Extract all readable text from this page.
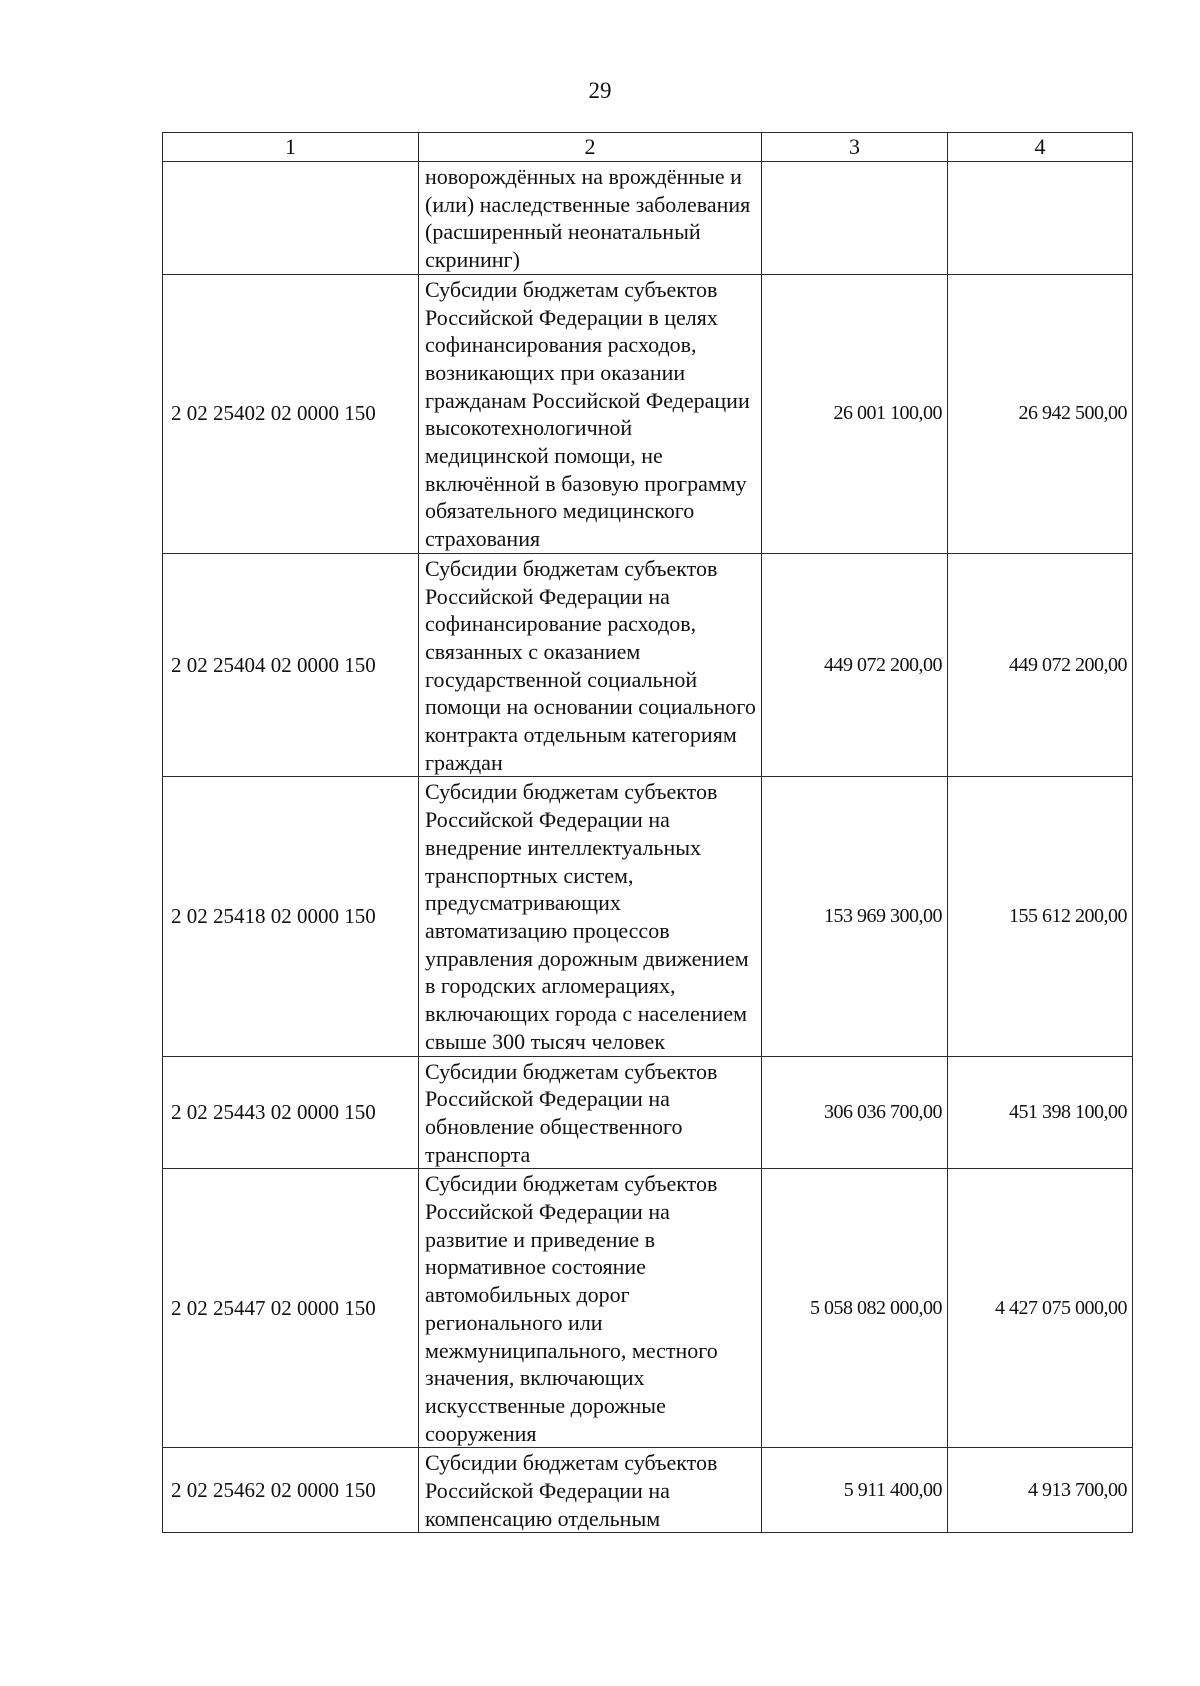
29
1	2	3	4
	новорождённых на врождённые и (или) наследственные заболевания (расширенный неонатальный скрининг)		
2 02 25402 02 0000 150	Субсидии бюджетам субъектов Российской Федерации в целях софинансирования расходов, возникающих при оказании гражданам Российской Федерации высокотехнологичной медицинской помощи, не включённой в базовую программу обязательного медицинского страхования	26 001 100,00	26 942 500,00
2 02 25404 02 0000 150	Субсидии бюджетам субъектов Российской Федерации на софинансирование расходов, связанных с оказанием государственной социальной помощи на основании социального контракта отдельным категориям граждан	449 072 200,00	449 072 200,00
2 02 25418 02 0000 150	Субсидии бюджетам субъектов Российской Федерации на внедрение интеллектуальных транспортных систем, предусматривающих автоматизацию процессов управления дорожным движением в городских агломерациях, включающих города с населением свыше 300 тысяч человек	153 969 300,00	155 612 200,00
2 02 25443 02 0000 150	Субсидии бюджетам субъектов Российской Федерации на обновление общественного транспорта	306 036 700,00	451 398 100,00
2 02 25447 02 0000 150	Субсидии бюджетам субъектов Российской Федерации на развитие и приведение в нормативное состояние автомобильных дорог регионального или межмуниципального, местного значения, включающих искусственные дорожные сооружения	5 058 082 000,00	4 427 075 000,00
2 02 25462 02 0000 150	Субсидии бюджетам субъектов Российской Федерации на компенсацию отдельным	5 911 400,00	4 913 700,00
